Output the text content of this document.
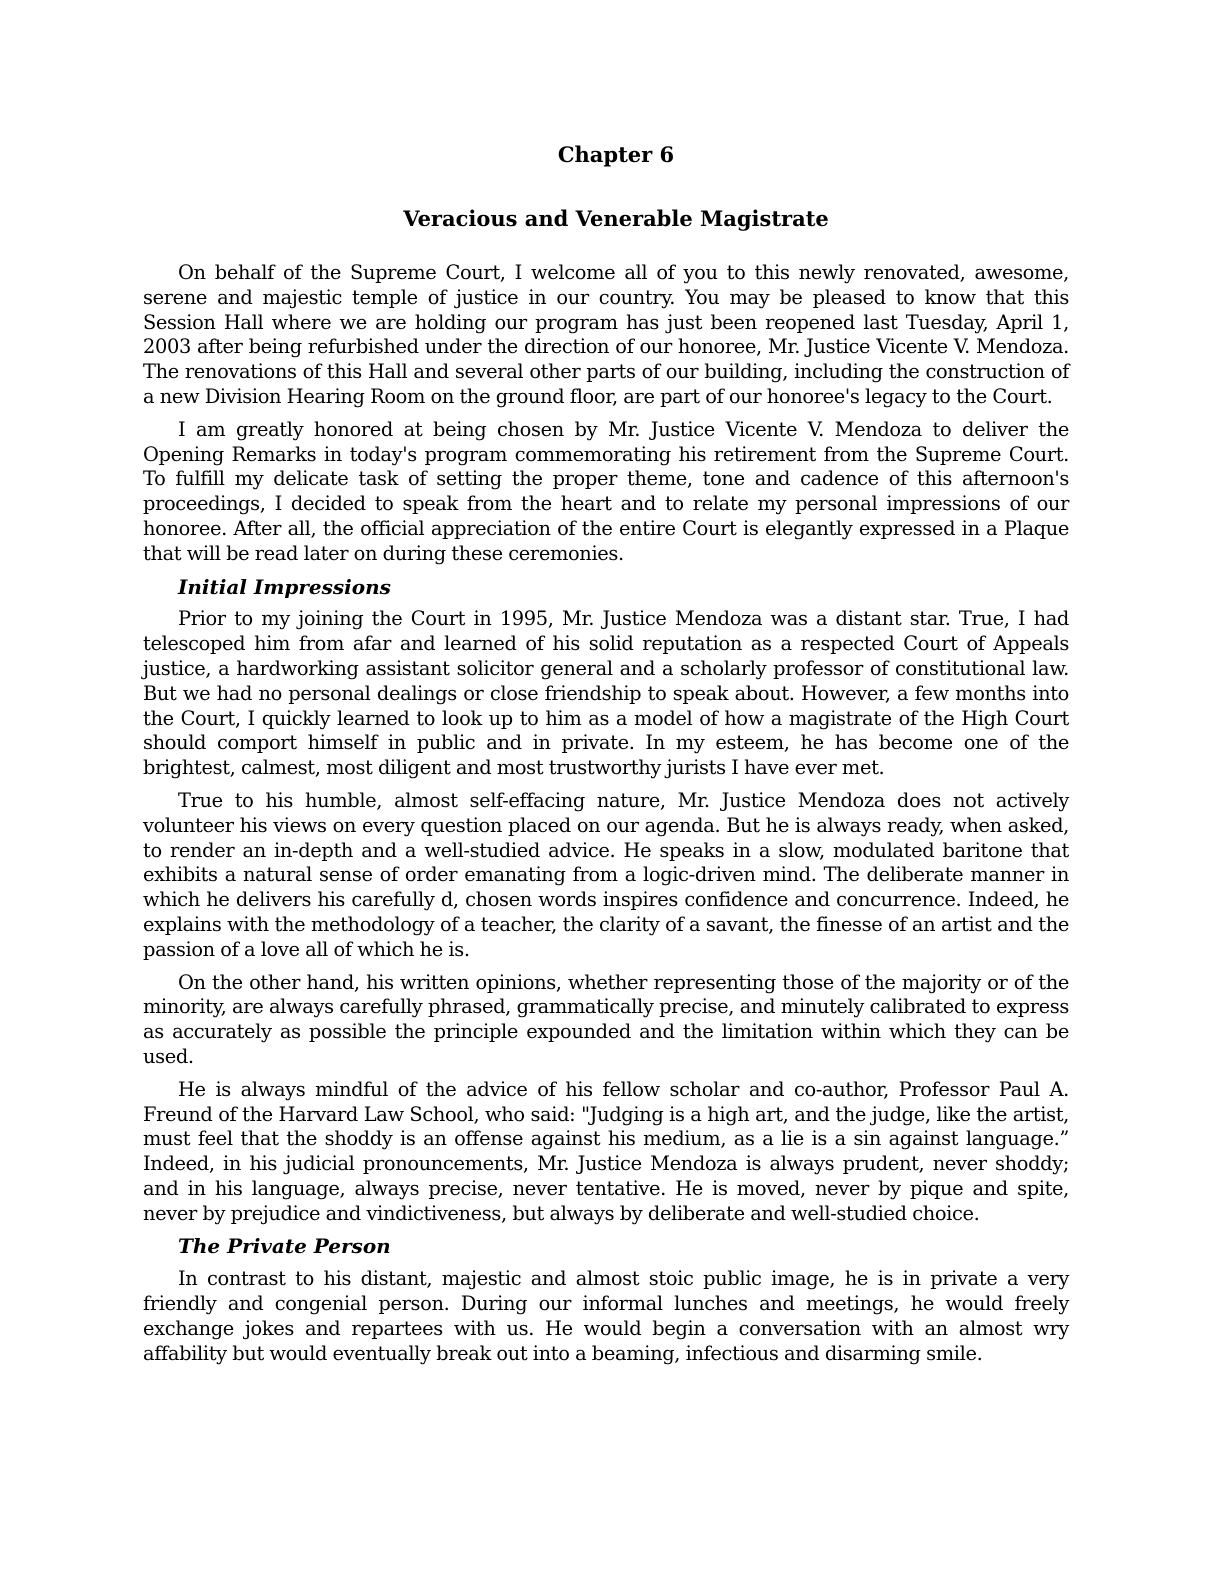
Chapter 6
Veracious and Venerable Magistrate

On behalf of the Supreme Court, I welcome all of you to this newly renovated, awesome, serene and majestic temple of justice in our country. You may be pleased to know that this Session Hall where we are holding our program has just been reopened last Tuesday, April 1, 2003 after being refurbished under the direction of our honoree, Mr. Justice Vicente V. Mendoza. The renovations of this Hall and several other parts of our building, including the construction of a new Division Hearing Room on the ground floor, are part of our honoree's legacy to the Court.

I am greatly honored at being chosen by Mr. Justice Vicente V. Mendoza to deliver the Opening Remarks in today's program commemorating his retirement from the Supreme Court. To fulfill my delicate task of setting the proper theme, tone and cadence of this afternoon's proceedings, I decided to speak from the heart and to relate my personal impressions of our honoree. After all, the official appreciation of the entire Court is elegantly expressed in a Plaque that will be read later on during these ceremonies.

Initial Impressions

Prior to my joining the Court in 1995, Mr. Justice Mendoza was a distant star. True, I had telescoped him from afar and learned of his solid reputation as a respected Court of Appeals justice, a hardworking assistant solicitor general and a scholarly professor of constitutional law. But we had no personal dealings or close friendship to speak about. However, a few months into the Court, I quickly learned to look up to him as a model of how a magistrate of the High Court should comport himself in public and in private. In my esteem, he has become one of the brightest, calmest, most diligent and most trustworthy jurists I have ever met.

True to his humble, almost self-effacing nature, Mr. Justice Mendoza does not actively volunteer his views on every question placed on our agenda. But he is always ready, when asked, to render an in-depth and a well-studied advice. He speaks in a slow, modulated baritone that exhibits a natural sense of order emanating from a logic-driven mind. The deliberate manner in which he delivers his carefully d, chosen words inspires confidence and concurrence. Indeed, he explains with the methodology of a teacher, the clarity of a savant, the finesse of an artist and the passion of a love all of which he is.

On the other hand, his written opinions, whether representing those of the majority or of the minority, are always carefully phrased, grammatically precise, and minutely calibrated to express as accurately as possible the principle expounded and the limitation within which they can be used.

He is always mindful of the advice of his fellow scholar and co-author, Professor Paul A. Freund of the Harvard Law School, who said: "Judging is a high art, and the judge, like the artist, must feel that the shoddy is an offense against his medium, as a lie is a sin against language.” Indeed, in his judicial pronouncements, Mr. Justice Mendoza is always prudent, never shoddy; and in his language, always precise, never tentative. He is moved, never by pique and spite, never by prejudice and vindictiveness, but always by deliberate and well-studied choice.

The Private Person

In contrast to his distant, majestic and almost stoic public image, he is in private a very friendly and congenial person. During our informal lunches and meetings, he would freely exchange jokes and repartees with us. He would begin a conversation with an almost wry affability but would eventually break out into a beaming, infectious and disarming smile.
